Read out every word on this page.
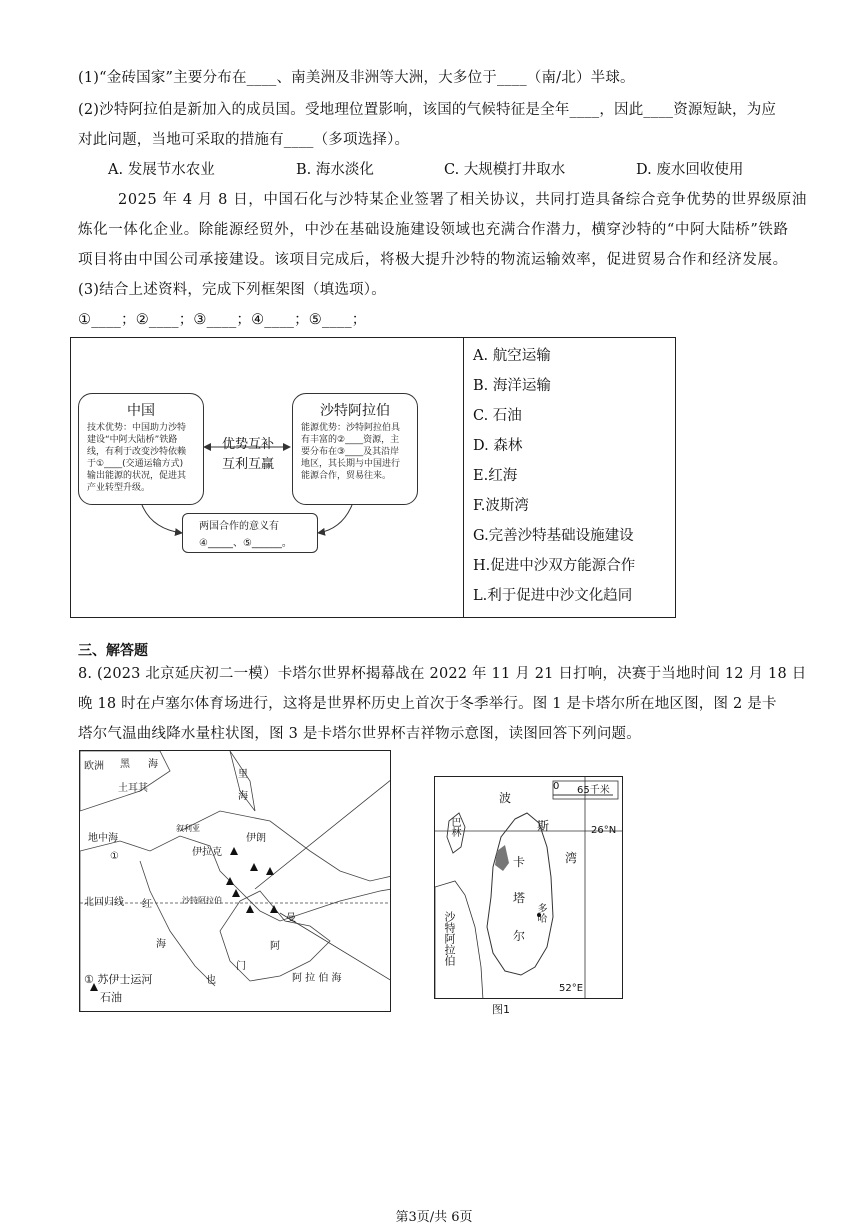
(1)“金砖国家”主要分布在____、南美洲及非洲等大洲，大多位于____（南/北）半球。
(2)沙特阿拉伯是新加入的成员国。受地理位置影响，该国的气候特征是全年____，因此____资源短缺，为应
对此问题，当地可采取的措施有____（多项选择）。
A. 发展节水农业	B. 海水淡化	C. 大规模打井取水	D. 废水回收使用
2025 年 4 月 8 日，中国石化与沙特某企业签署了相关协议，共同打造具备综合竞争优势的世界级原油
炼化一体化企业。除能源经贸外，中沙在基础设施建设领域也充满合作潜力，横穿沙特的“中阿大陆桥”铁路
项目将由中国公司承接建设。该项目完成后，将极大提升沙特的物流运输效率，促进贸易合作和经济发展。
(3)结合上述资料，完成下列框架图（填选项）。
①____；②____；③____；④____；⑤____；
中国
技术优势：中国助力沙特
建设“中阿大陆桥”铁路
线，有利于改变沙特依赖
于①____(交通运输方式)
输出能源的状况，促进其
产业转型升级。
沙特阿拉伯
能源优势：沙特阿拉伯具
有丰富的②____资源，主
要分布在③____及其沿岸
地区，其长期与中国进行
能源合作，贸易往来。
优势互补
互利互赢
两国合作的意义有
④_____、⑤______。
A. 航空运输
B. 海洋运输
C. 石油
D. 森林
E.红海
F.波斯湾
G.完善沙特基础设施建设
H.促进中沙双方能源合作
L.利于促进中沙文化趋同
三、解答题
8. (2023 北京延庆初二一模）卡塔尔世界杯揭幕战在 2022 年 11 月 21 日打响，决赛于当地时间 12 月 18 日
晚 18 时在卢塞尔体育场进行，这将是世界杯历史上首次于冬季举行。图 1 是卡塔尔所在地区图，图 2 是卡
塔尔气温曲线降水量柱状图，图 3 是卡塔尔世界杯吉祥物示意图，读图回答下列问题。
欧洲 黑 海
里
海
土耳其
地中海
叙利亚
伊朗
伊拉克
①
北回归线 红
海
沙特阿拉伯
也
门
阿
曼
阿 拉 伯 海
① 苏伊士运河
石油
波
斯
湾
0 65千米
26°N
巴林
卡
塔
尔
多哈
沙特阿拉伯
52°E
图1
第3页/共 6页
